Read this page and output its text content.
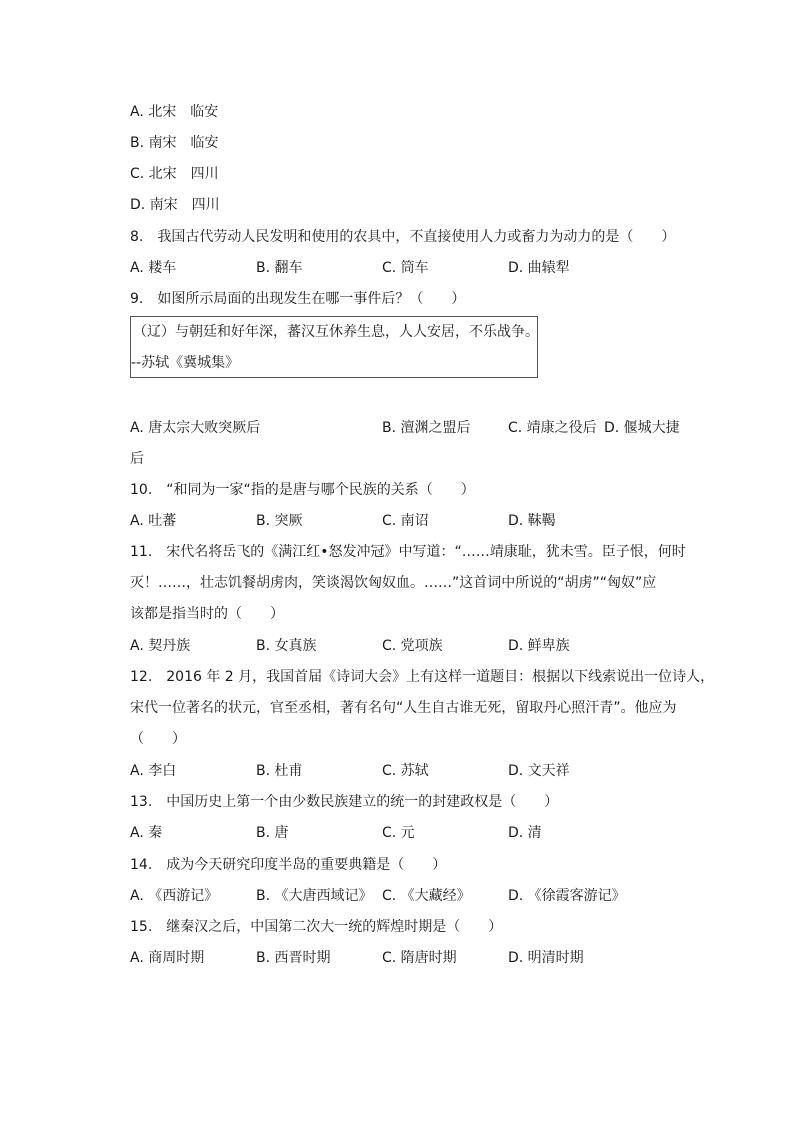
A. 北宋　临安
B. 南宋　临安
C. 北宋　四川
D. 南宋　四川
8.　我国古代劳动人民发明和使用的农具中，不直接使用人力或畜力为动力的是（　　）
A. 耧车	B. 翻车	C. 筒车	D. 曲辕犁
9.　如图所示局面的出现发生在哪一事件后？（　　）
（辽）与朝廷和好年深，蕃汉互休养生息，人人安居，不乐战争。
--苏轼《冀城集》
A. 唐太宗大败突厥后	B. 澶渊之盟后	C. 靖康之役后 D. 偃城大捷
后
10.　“和同为一家“指的是唐与哪个民族的关系（　　）
A. 吐蕃	B. 突厥	C. 南诏	D. 靺鞨
11.　宋代名将岳飞的《满江红•怒发冲冠》中写道：“……靖康耻，犹未雪。臣子恨，何时
灭！……，壮志饥餐胡虏肉，笑谈渴饮匈奴血。……”这首词中所说的“胡虏”“匈奴”应
该都是指当时的（　　）
A. 契丹族	B. 女真族	C. 党项族	D. 鲜卑族
12.　2016 年 2 月，我国首届《诗词大会》上有这样一道题目：根据以下线索说出一位诗人，
宋代一位著名的状元，官至丞相，著有名句“人生自古谁无死，留取丹心照汗青”。他应为
（　　）
A. 李白	B. 杜甫	C. 苏轼	D. 文天祥
13.　中国历史上第一个由少数民族建立的统一的封建政权是（　　）
A. 秦	B. 唐	C. 元	D. 清
14.　成为今天研究印度半岛的重要典籍是（　　）
A. 《西游记》	B. 《大唐西域记》 C. 《大藏经》	D. 《徐霞客游记》
15.　继秦汉之后，中国第二次大一统的辉煌时期是（　　）
A. 商周时期	B. 西晋时期	C. 隋唐时期	D. 明清时期
